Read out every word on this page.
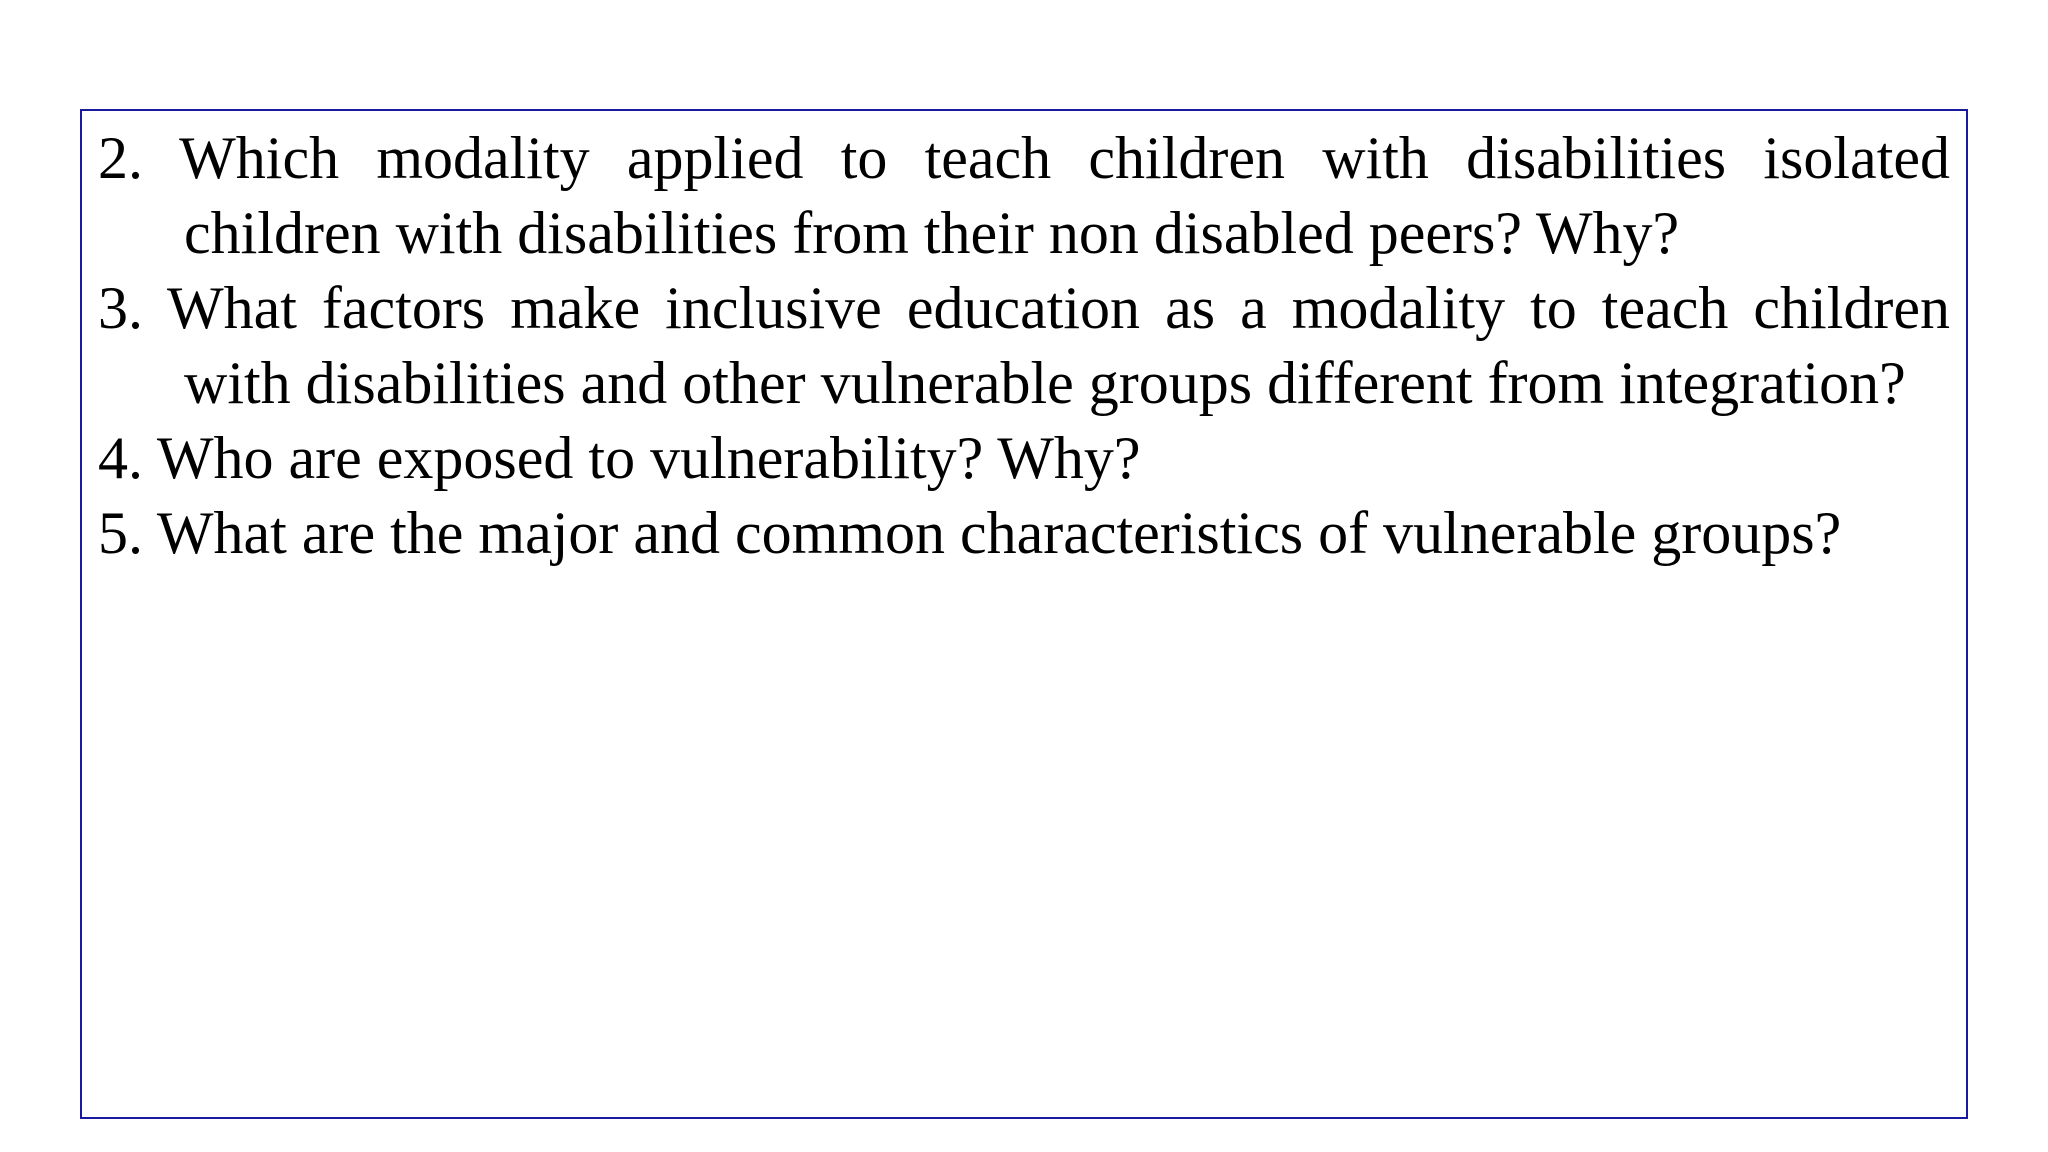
2. Which modality applied to teach children with disabilities isolated children with disabilities from their non disabled peers? Why?
3. What factors make inclusive education as a modality to teach children with disabilities and other vulnerable groups different from integration?
4. Who are exposed to vulnerability? Why?
5. What are the major and common characteristics of vulnerable groups?
